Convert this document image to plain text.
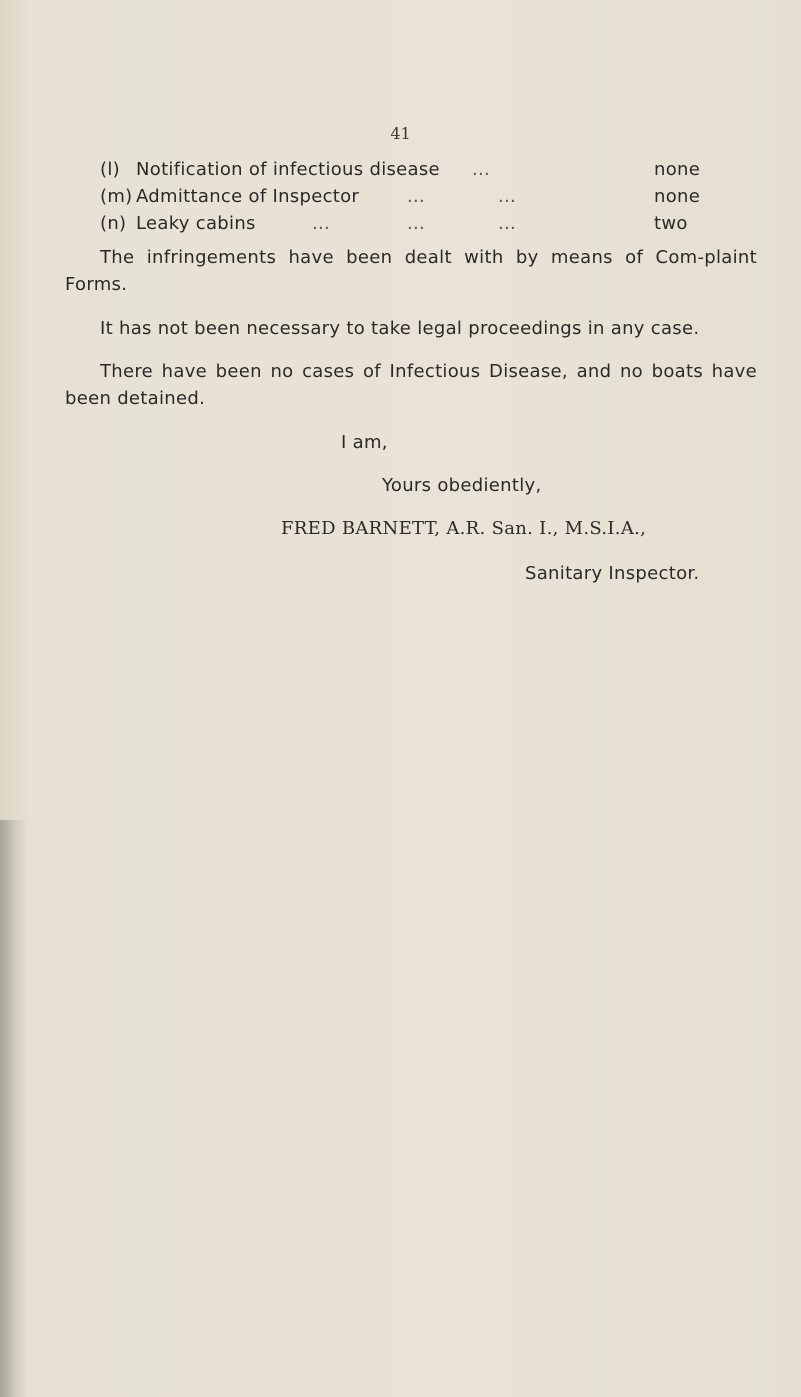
41
(l) Notification of infectious disease ...	none
(m) Admittance of Inspector	...	...	none
(n) Leaky cabins	...	...	...	two
The infringements have been dealt with by means of Com-plaint Forms.
It has not been necessary to take legal proceedings in any case.
There have been no cases of Infectious Disease, and no boats have been detained.
I am,
Yours obediently,
FRED BARNETT, A.R. San. I., M.S.I.A.,
Sanitary Inspector.
